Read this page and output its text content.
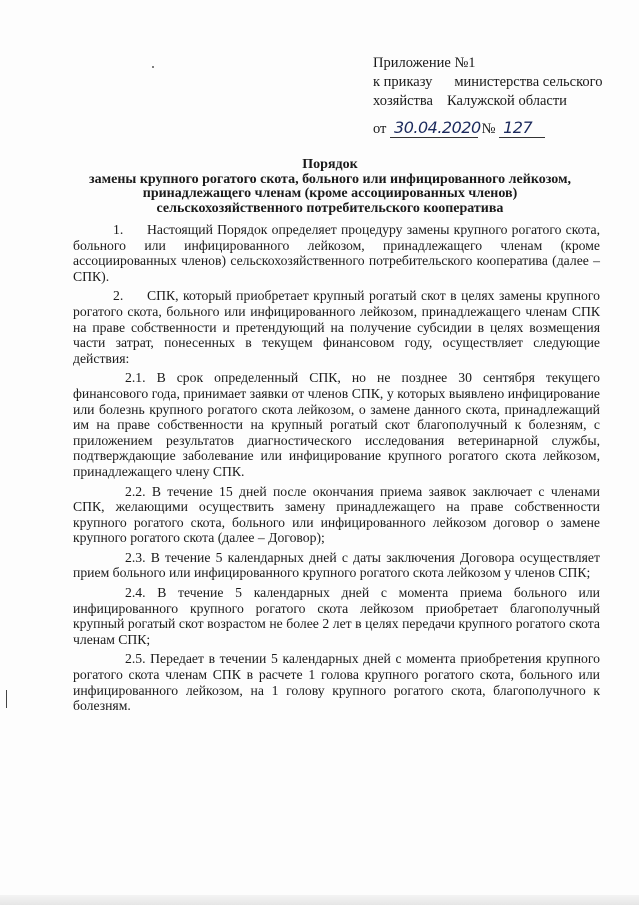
Приложение №1
к приказу министерства сельского
хозяйства Калужской области
от 30.04.2020 № 127
Порядок
замены крупного рогатого скота, больного или инфицированного лейкозом,
принадлежащего членам (кроме ассоциированных членов)
сельскохозяйственного потребительского кооператива

1. Настоящий Порядок определяет процедуру замены крупного рогатого скота, больного или инфицированного лейкозом, принадлежащего членам (кроме ассоциированных членов) сельскохозяйственного потребительского кооператива (далее – СПК).

2. СПК, который приобретает крупный рогатый скот в целях замены крупного рогатого скота, больного или инфицированного лейкозом, принадлежащего членам СПК на праве собственности и претендующий на получение субсидии в целях возмещения части затрат, понесенных в текущем финансовом году, осуществляет следующие действия:

2.1. В срок определенный СПК, но не позднее 30 сентября текущего финансового года, принимает заявки от членов СПК, у которых выявлено инфицирование или болезнь крупного рогатого скота лейкозом, о замене данного скота, принадлежащий им на праве собственности на крупный рогатый скот благополучный к болезням, с приложением результатов диагностического исследования ветеринарной службы, подтверждающие заболевание или инфицирование крупного рогатого скота лейкозом, принадлежащего члену СПК.

2.2. В течение 15 дней после окончания приема заявок заключает с членами СПК, желающими осуществить замену принадлежащего на праве собственности крупного рогатого скота, больного или инфицированного лейкозом договор о замене крупного рогатого скота (далее – Договор);

2.3. В течение 5 календарных дней с даты заключения Договора осуществляет прием больного или инфицированного крупного рогатого скота лейкозом у членов СПК;

2.4. В течение 5 календарных дней с момента приема больного или инфицированного крупного рогатого скота лейкозом приобретает благополучный крупный рогатый скот возрастом не более 2 лет в целях передачи крупного рогатого скота членам СПК;

2.5. Передает в течении 5 календарных дней с момента приобретения крупного рогатого скота членам СПК в расчете 1 голова крупного рогатого скота, больного или инфицированного лейкозом, на 1 голову крупного рогатого скота, благополучного к болезням.
